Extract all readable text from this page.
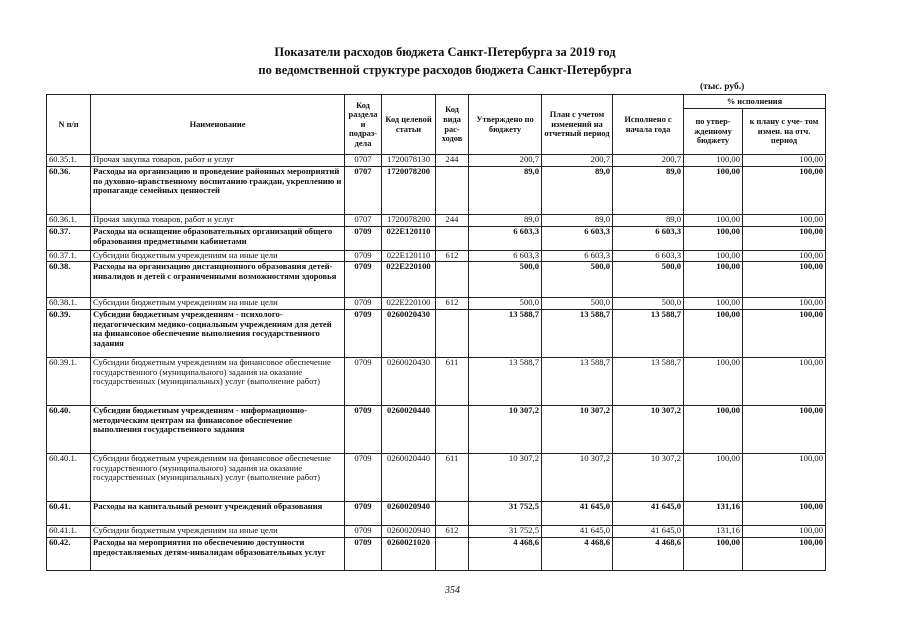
Показатели расходов бюджета Санкт-Петербурга за 2019 год
по ведомственной структуре расходов бюджета Санкт-Петербурга
(тыс. руб.)
N п/п	Наименование	Код раздела и подраз- дела	Код целевой статьи	Код вида рас- ходов	Утверждено по бюджету	План с учетом изменений на отчетный период	Исполнено с начала года	% исполнения	
								по утвер- жденному бюджету	к плану с уче- том измен. на отч. период
60.35.1.	Прочая закупка товаров, работ и услуг	0707	1720078130	244	200,7	200,7	200,7	100,00	100,00
60.36.	Расходы на организацию и проведение районных мероприятий по духовно-нравственному воспитанию граждан, укреплению и пропаганде семейных ценностей	0707	1720078200		89,0	89,0	89,0	100,00	100,00
60.36.1.	Прочая закупка товаров, работ и услуг	0707	1720078200	244	89,0	89,0	89,0	100,00	100,00
60.37.	Расходы на оснащение образовательных организаций общего образования предметными кабинетами	0709	022Е120110		6 603,3	6 603,3	6 603,3	100,00	100,00
60.37.1.	Субсидии бюджетным учреждениям на иные цели	0709	022Е120110	612	6 603,3	6 603,3	6 603,3	100,00	100,00
60.38.	Расходы на организацию дистанционного образования детей-инвалидов и детей с ограниченными возможностями здоровья	0709	022Е220100		500,0	500,0	500,0	100,00	100,00
60.38.1.	Субсидии бюджетным учреждениям на иные цели	0709	022Е220100	612	500,0	500,0	500,0	100,00	100,00
60.39.	Субсидии бюджетным учреждениям - психолого-педагогическим медико-социальным учреждениям для детей на финансовое обеспечение выполнения государственного задания	0709	0260020430		13 588,7	13 588,7	13 588,7	100,00	100,00
60.39.1.	Субсидии бюджетным учреждениям на финансовое обеспечение государственного (муниципального) задания на оказание государственных (муниципальных) услуг (выполнение работ)	0709	0260020430	611	13 588,7	13 588,7	13 588,7	100,00	100,00
60.40.	Субсидии бюджетным учреждениям - информационно-методическим центрам на финансовое обеспечение выполнения государственного задания	0709	0260020440		10 307,2	10 307,2	10 307,2	100,00	100,00
60.40.1.	Субсидии бюджетным учреждениям на финансовое обеспечение государственного (муниципального) задания на оказание государственных (муниципальных) услуг (выполнение работ)	0709	0260020440	611	10 307,2	10 307,2	10 307,2	100,00	100,00
60.41.	Расходы на капитальный ремонт учреждений образования	0709	0260020940		31 752,5	41 645,0	41 645,0	131,16	100,00
60.41.1.	Субсидии бюджетным учреждениям на иные цели	0709	0260020940	612	31 752,5	41 645,0	41 645,0	131,16	100,00
60.42.	Расходы на мероприятия по обеспечению доступности предоставляемых детям-инвалидам образовательных услуг	0709	0260021020		4 468,6	4 468,6	4 468,6	100,00	100,00
354
